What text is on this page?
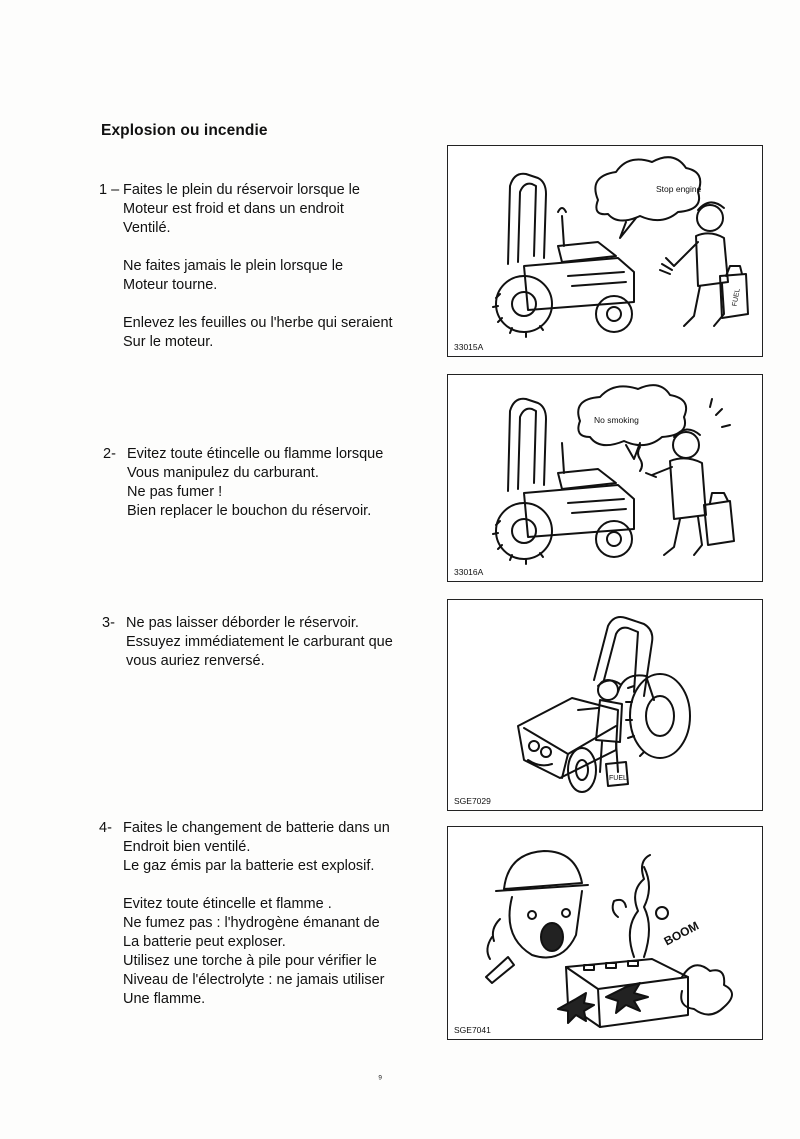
Explosion ou incendie
1 – Faites le plein du réservoir lorsque le

Moteur est froid et dans un endroit

Ventilé.

Ne faites jamais le plein lorsque le

Moteur tourne.

Enlevez les feuilles ou l'herbe qui seraient

Sur le moteur.

2- Evitez toute étincelle ou flamme lorsque

Vous manipulez du carburant.

Ne pas fumer !

Bien replacer le bouchon du réservoir.

3- Ne pas laisser déborder le réservoir.

Essuyez immédiatement le carburant que

vous auriez renversé.

4- Faites le changement de batterie dans un

Endroit bien ventilé.

Le gaz émis par la batterie est explosif.

Evitez toute étincelle et flamme .

Ne fumez pas : l'hydrogène émanant de

La batterie peut exploser.

Utilisez une torche à pile pour vérifier le

Niveau de l'électrolyte : ne jamais utiliser

Une flamme.

Stop engine
FUEL
33015A
No smoking
33016A
FUEL
SGE7029
BOOM
SGE7041
⁹
